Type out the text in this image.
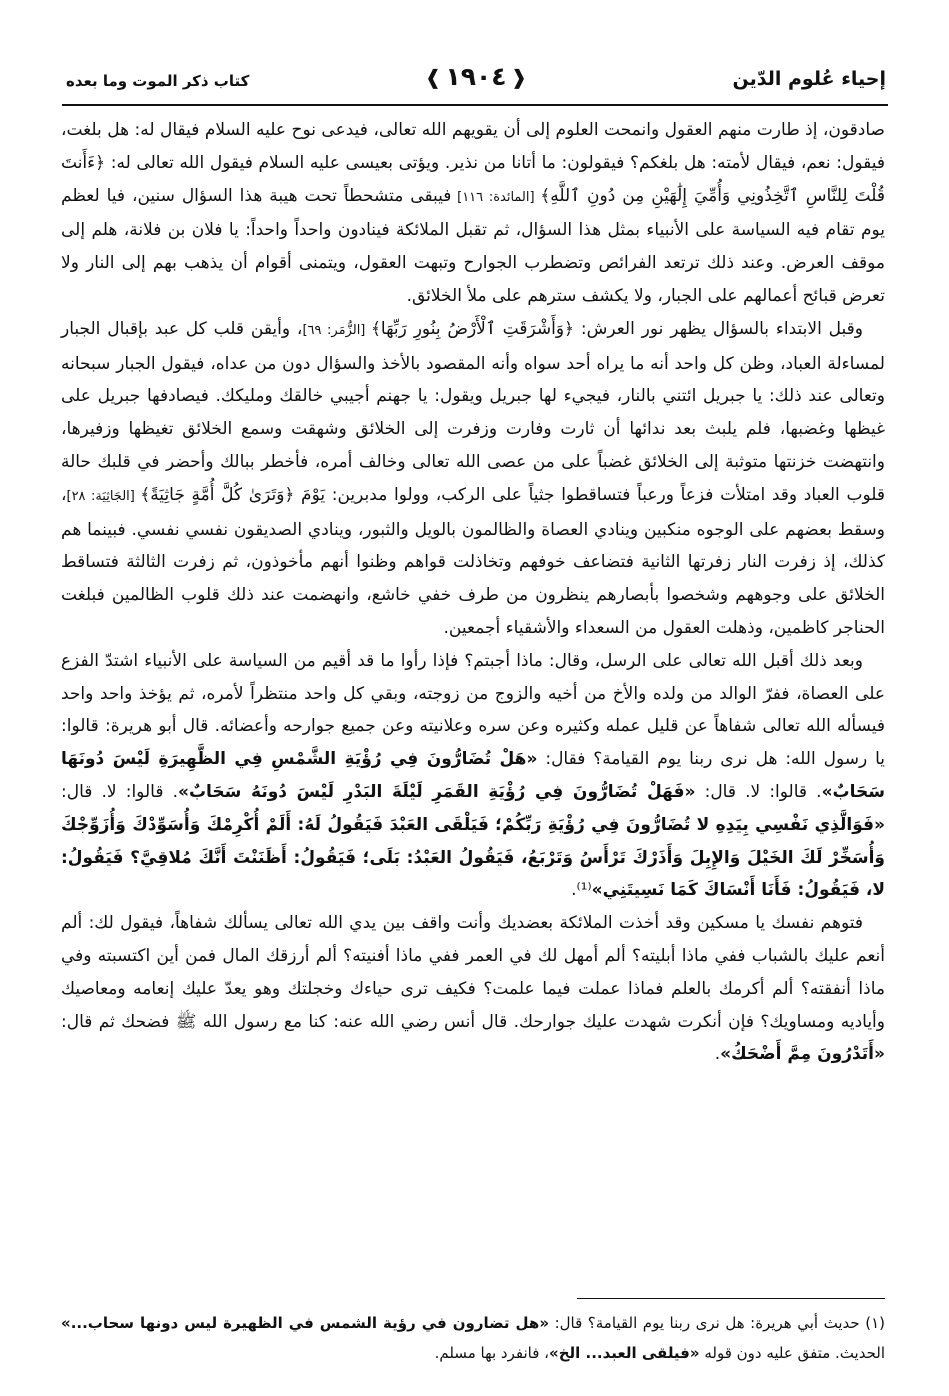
إحياء عُلوم الدّين
❰ ١٩٠٤ ❱
كتاب ذكر الموت وما بعده

صادقون، إذ طارت منهم العقول وانمحت العلوم إلى أن يقويهم الله تعالى، فيدعى نوح عليه السلام فيقال له: هل بلغت، فيقول: نعم، فيقال لأمته: هل بلغكم؟ فيقولون: ما أتانا من نذير. ويؤتى بعيسى عليه السلام فيقول الله تعالى له: ﴿ءَأَنتَ قُلْتَ لِلنَّاسِ ٱتَّخِذُونِي وَأُمِّيَ إِلَٰهَيْنِ مِن دُونِ ٱللَّهِ﴾ [المائدة: ١١٦] فيبقى متشحطاً تحت هيبة هذا السؤال سنين، فيا لعظم يوم تقام فيه السياسة على الأنبياء بمثل هذا السؤال، ثم تقبل الملائكة فينادون واحداً واحداً: يا فلان بن فلانة، هلم إلى موقف العرض. وعند ذلك ترتعد الفرائص وتضطرب الجوارح وتبهت العقول، ويتمنى أقوام أن يذهب بهم إلى النار ولا تعرض قبائح أعمالهم على الجبار، ولا يكشف سترهم على ملأ الخلائق.

وقبل الابتداء بالسؤال يظهر نور العرش: ﴿وَأَشْرَقَتِ ٱلْأَرْضُ بِنُورِ رَبِّهَا﴾ [الزُّمَر: ٦٩]، وأيقن قلب كل عبد بإقبال الجبار لمساءلة العباد، وظن كل واحد أنه ما يراه أحد سواه وأنه المقصود بالأخذ والسؤال دون من عداه، فيقول الجبار سبحانه وتعالى عند ذلك: يا جبريل ائتني بالنار، فيجيء لها جبريل ويقول: يا جهنم أجيبي خالقك ومليكك. فيصادفها جبريل على غيظها وغضبها، فلم يلبث بعد ندائها أن ثارت وفارت وزفرت إلى الخلائق وشهقت وسمع الخلائق تغيظها وزفيرها، وانتهضت خزنتها متوثبة إلى الخلائق غضباً على من عصى الله تعالى وخالف أمره، فأخطر ببالك وأحضر في قلبك حالة قلوب العباد وقد امتلأت فزعاً ورعباً فتساقطوا جثياً على الركب، وولوا مدبرين: يَوْمَ ﴿وَتَرَىٰ كُلَّ أُمَّةٍ جَاثِيَةً﴾ [الجَاثِيَة: ٢٨]، وسقط بعضهم على الوجوه منكبين وينادي العصاة والظالمون بالويل والثبور، وينادي الصديقون نفسي نفسي. فبينما هم كذلك، إذ زفرت النار زفرتها الثانية فتضاعف خوفهم وتخاذلت قواهم وظنوا أنهم مأخوذون، ثم زفرت الثالثة فتساقط الخلائق على وجوههم وشخصوا بأبصارهم ينظرون من طرف خفي خاشع، وانهضمت عند ذلك قلوب الظالمين فبلغت الحناجر كاظمين، وذهلت العقول من السعداء والأشقياء أجمعين.

وبعد ذلك أقبل الله تعالى على الرسل، وقال: ماذا أجبتم؟ فإذا رأوا ما قد أقيم من السياسة على الأنبياء اشتدّ الفزع على العصاة، ففرّ الوالد من ولده والأخ من أخيه والزوج من زوجته، وبقي كل واحد منتظراً لأمره، ثم يؤخذ واحد واحد فيسأله الله تعالى شفاهاً عن قليل عمله وكثيره وعن سره وعلانيته وعن جميع جوارحه وأعضائه. قال أبو هريرة: قالوا: يا رسول الله: هل نرى ربنا يوم القيامة؟ فقال: «هَلْ تُضَارُّونَ فِي رُؤْيَةِ الشَّمْسِ فِي الظَّهِيرَةِ لَيْسَ دُونَهَا سَحَابٌ». قالوا: لا. قال: «فَهَلْ تُضَارُّونَ فِي رُؤْيَةِ القَمَرِ لَيْلَةَ البَدْرِ لَيْسَ دُونَهُ سَحَابٌ». قالوا: لا. قال: «فَوَالَّذِي نَفْسِي بِيَدِهِ لا تُضَارُّونَ فِي رُؤْيَةِ رَبِّكُمْ؛ فَيَلْقَى العَبْدَ فَيَقُولُ لَهُ: أَلَمْ أُكْرِمْكَ وَأُسَوِّدْكَ وَأُزَوِّجْكَ وَأُسَخِّرْ لَكَ الخَيْلَ وَالإِبِلَ وَأَذَرْكَ تَرْأَسُ وَتَرْبَعُ، فَيَقُولُ العَبْدُ: بَلَى؛ فَيَقُولُ: أَظَنَنْتَ أَنَّكَ مُلاقِيَّ؟ فَيَقُولُ: لا، فَيَقُولُ: فَأَنَا أَنْسَاكَ كَمَا نَسِيتَنِي»⁽¹⁾.

فتوهم نفسك يا مسكين وقد أخذت الملائكة بعضديك وأنت واقف بين يدي الله تعالى يسألك شفاهاً، فيقول لك: ألم أنعم عليك بالشباب ففي ماذا أبليته؟ ألم أمهل لك في العمر ففي ماذا أفنيته؟ ألم أرزقك المال فمن أين اكتسبته وفي ماذا أنفقته؟ ألم أكرمك بالعلم فماذا عملت فيما علمت؟ فكيف ترى حياءك وخجلتك وهو يعدّ عليك إنعامه ومعاصيك وأياديه ومساويك؟ فإن أنكرت شهدت عليك جوارحك. قال أنس رضي الله عنه: كنا مع رسول الله ﷺ فضحك ثم قال: «أَتَدْرُونَ مِمَّ أَضْحَكُ».

(١) حديث أبي هريرة: هل نرى ربنا يوم القيامة؟ قال: «هل تضارون في رؤية الشمس في الظهيرة ليس دونها سحاب...» الحديث. متفق عليه دون قوله «فيلقى العبد... الخ»، فانفرد بها مسلم.
